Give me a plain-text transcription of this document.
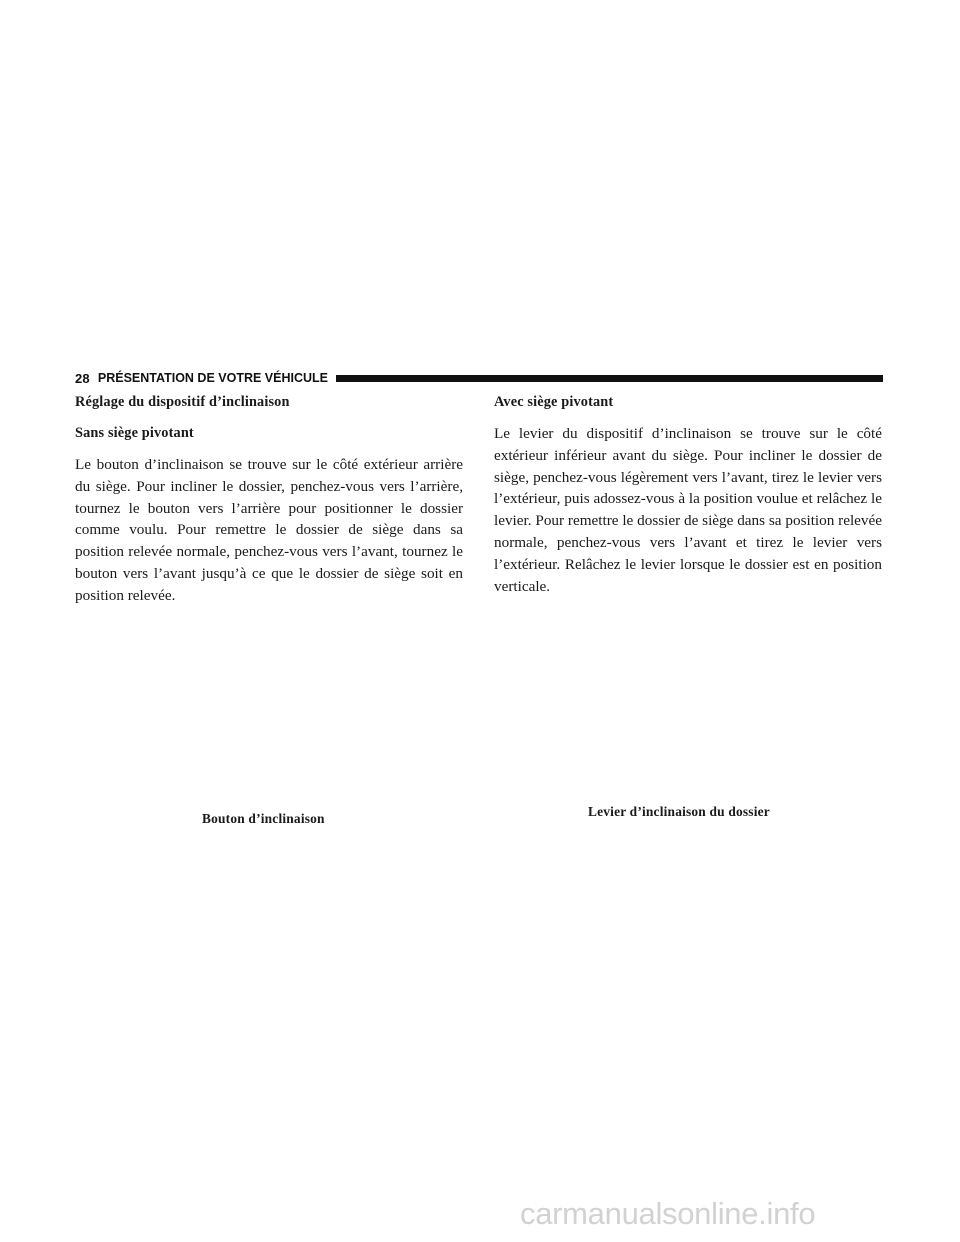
28 PRÉSENTATION DE VOTRE VÉHICULE
Réglage du dispositif d’inclinaison
Sans siège pivotant

Le bouton d’inclinaison se trouve sur le côté extérieur arrière du siège. Pour incliner le dossier, penchez-vous vers l’arrière, tournez le bouton vers l’arrière pour positionner le dossier comme voulu. Pour remettre le dossier de siège dans sa position relevée normale, penchez-vous vers l’avant, tournez le bouton vers l’avant jusqu’à ce que le dossier de siège soit en position relevée.

Avec siège pivotant

Le levier du dispositif d’inclinaison se trouve sur le côté extérieur inférieur avant du siège. Pour incliner le dossier de siège, penchez-vous légèrement vers l’avant, tirez le levier vers l’extérieur, puis adossez-vous à la position voulue et relâchez le levier. Pour remettre le dossier de siège dans sa position relevée normale, penchez-vous vers l’avant et tirez le levier vers l’extérieur. Relâchez le levier lorsque le dossier est en position verticale.

Bouton d’inclinaison	Levier d’inclinaison du dossier
carmanualsonline.info
